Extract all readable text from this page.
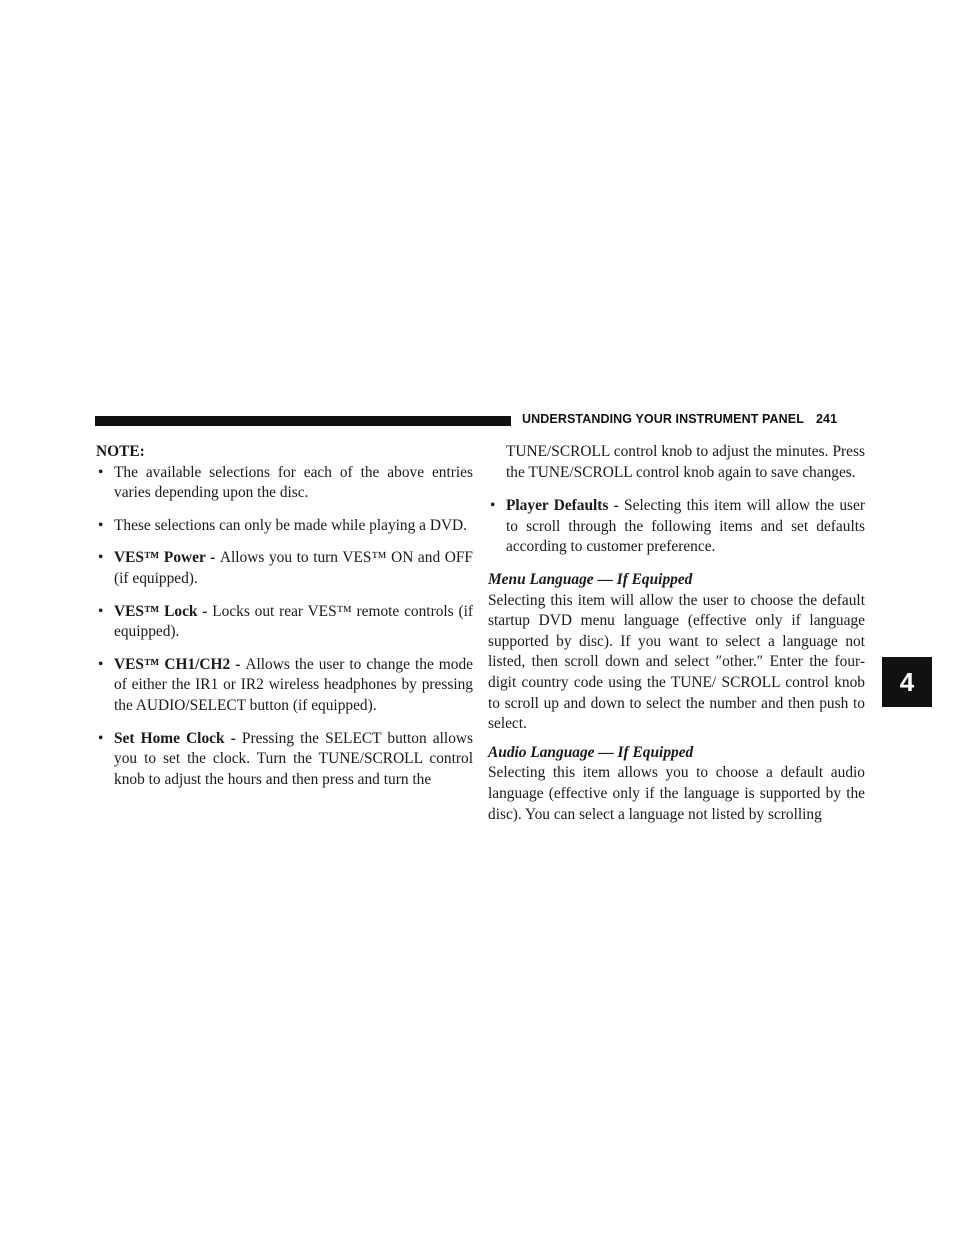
UNDERSTANDING YOUR INSTRUMENT PANEL 241
4

NOTE:

• The available selections for each of the above entries varies depending upon the disc.
• These selections can only be made while playing a DVD.
• VES™ Power - Allows you to turn VES™ ON and OFF (if equipped).
• VES™ Lock - Locks out rear VES™ remote controls (if equipped).
• VES™ CH1/CH2 - Allows the user to change the mode of either the IR1 or IR2 wireless headphones by pressing the AUDIO/SELECT button (if equipped).
• Set Home Clock - Pressing the SELECT button allows you to set the clock. Turn the TUNE/SCROLL control knob to adjust the hours and then press and turn the

TUNE/SCROLL control knob to adjust the minutes. Press the TUNE/SCROLL control knob again to save changes.

• Player Defaults - Selecting this item will allow the user to scroll through the following items and set defaults according to customer preference.

Menu Language — If Equipped

Selecting this item will allow the user to choose the default startup DVD menu language (effective only if language supported by disc). If you want to select a language not listed, then scroll down and select ″other.″ Enter the four-digit country code using the TUNE/ SCROLL control knob to scroll up and down to select the number and then push to select.

Audio Language — If Equipped

Selecting this item allows you to choose a default audio language (effective only if the language is supported by the disc). You can select a language not listed by scrolling
